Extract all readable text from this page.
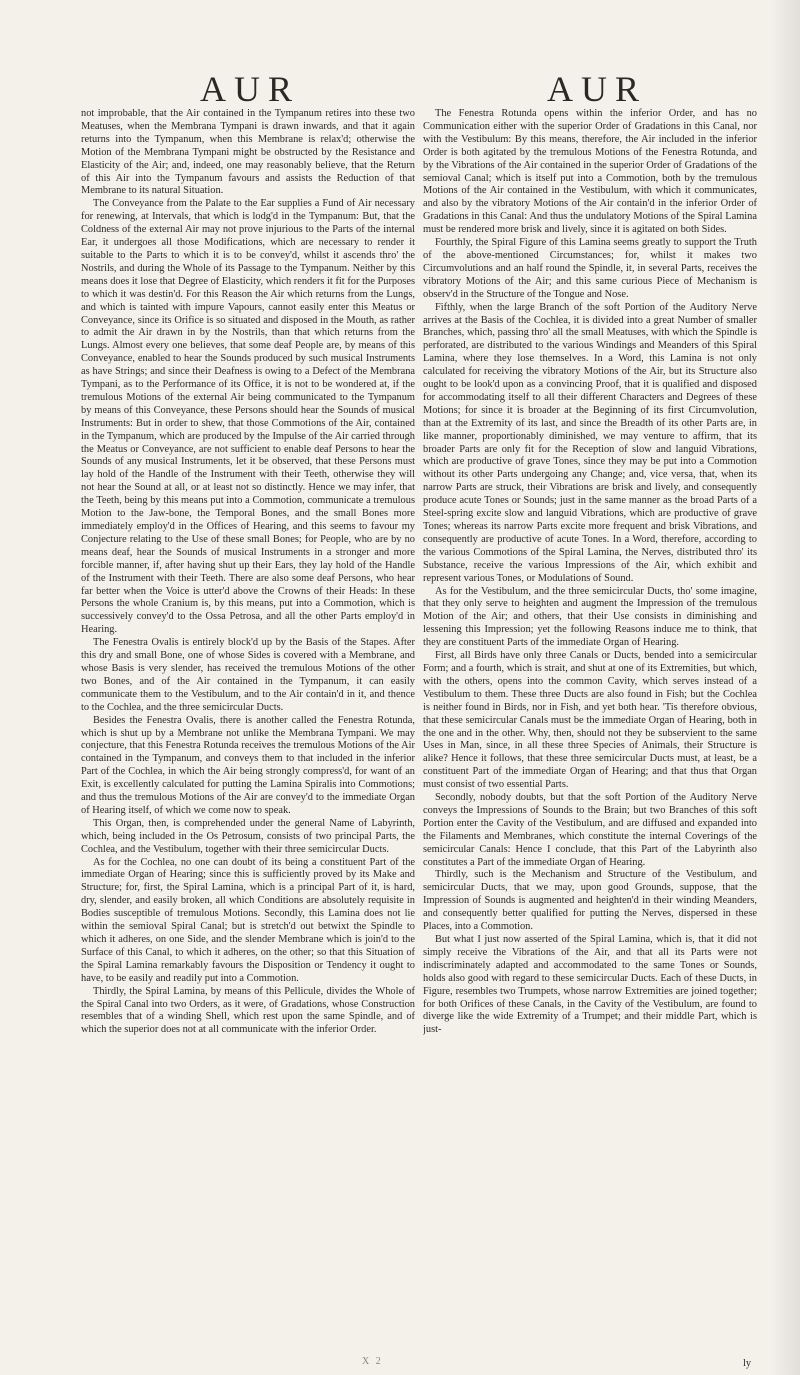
AUR	AUR

not improbable, that the Air contained in the Tympanum retires into these two Meatuses, when the Membrana Tympani is drawn inwards, and that it again returns into the Tympanum, when this Membrane is relax'd; otherwise the Motion of the Membrana Tympani might be obstructed by the Resistance and Elasticity of the Air; and, indeed, one may reasonably believe, that the Return of this Air into the Tympanum favours and assists the Reduction of that Membrane to its natural Situation.

The Conveyance from the Palate to the Ear supplies a Fund of Air necessary for renewing, at Intervals, that which is lodg'd in the Tympanum: But, that the Coldness of the external Air may not prove injurious to the Parts of the internal Ear, it undergoes all those Modifications, which are necessary to render it suitable to the Parts to which it is to be convey'd, whilst it ascends thro' the Nostrils, and during the Whole of its Passage to the Tympanum. Neither by this means does it lose that Degree of Elasticity, which renders it fit for the Purposes to which it was destin'd. For this Reason the Air which returns from the Lungs, and which is tainted with impure Vapours, cannot easily enter this Meatus or Conveyance, since its Orifice is so situated and disposed in the Mouth, as rather to admit the Air drawn in by the Nostrils, than that which returns from the Lungs. Almost every one believes, that some deaf People are, by means of this Conveyance, enabled to hear the Sounds produced by such musical Instruments as have Strings; and since their Deafness is owing to a Defect of the Membrana Tympani, as to the Performance of its Office, it is not to be wondered at, if the tremulous Motions of the external Air being communicated to the Tympanum by means of this Conveyance, these Persons should hear the Sounds of musical Instruments: But in order to shew, that those Commotions of the Air, contained in the Tympanum, which are produced by the Impulse of the Air carried through the Meatus or Conveyance, are not sufficient to enable deaf Persons to hear the Sounds of any musical Instruments, let it be observed, that these Persons must lay hold of the Handle of the Instrument with their Teeth, otherwise they will not hear the Sound at all, or at least not so distinctly. Hence we may infer, that the Teeth, being by this means put into a Commotion, communicate a tremulous Motion to the Jaw-bone, the Temporal Bones, and the small Bones more immediately employ'd in the Offices of Hearing, and this seems to favour my Conjecture relating to the Use of these small Bones; for People, who are by no means deaf, hear the Sounds of musical Instruments in a stronger and more forcible manner, if, after having shut up their Ears, they lay hold of the Handle of the Instrument with their Teeth. There are also some deaf Persons, who hear far better when the Voice is utter'd above the Crowns of their Heads: In these Persons the whole Cranium is, by this means, put into a Commotion, which is successively convey'd to the Ossa Petrosa, and all the other Parts employ'd in Hearing.

The Fenestra Ovalis is entirely block'd up by the Basis of the Stapes. After this dry and small Bone, one of whose Sides is covered with a Membrane, and whose Basis is very slender, has received the tremulous Motions of the other two Bones, and of the Air contained in the Tympanum, it can easily communicate them to the Vestibulum, and to the Air contain'd in it, and thence to the Cochlea, and the three semicircular Ducts.

Besides the Fenestra Ovalis, there is another called the Fenestra Rotunda, which is shut up by a Membrane not unlike the Membrana Tympani. We may conjecture, that this Fenestra Rotunda receives the tremulous Motions of the Air contained in the Tympanum, and conveys them to that included in the inferior Part of the Cochlea, in which the Air being strongly compress'd, for want of an Exit, is excellently calculated for putting the Lamina Spiralis into Commotions; and thus the tremulous Motions of the Air are convey'd to the immediate Organ of Hearing itself, of which we come now to speak.

This Organ, then, is comprehended under the general Name of Labyrinth, which, being included in the Os Petrosum, consists of two principal Parts, the Cochlea, and the Vestibulum, together with their three semicircular Ducts.

As for the Cochlea, no one can doubt of its being a constituent Part of the immediate Organ of Hearing; since this is sufficiently proved by its Make and Structure; for, first, the Spiral Lamina, which is a principal Part of it, is hard, dry, slender, and easily broken, all which Conditions are absolutely requisite in Bodies susceptible of tremulous Motions. Secondly, this Lamina does not lie within the semioval Spiral Canal; but is stretch'd out betwixt the Spindle to which it adheres, on one Side, and the slender Membrane which is join'd to the Surface of this Canal, to which it adheres, on the other; so that this Situation of the Spiral Lamina remarkably favours the Disposition or Tendency it ought to have, to be easily and readily put into a Commotion.

Thirdly, the Spiral Lamina, by means of this Pellicule, divides the Whole of the Spiral Canal into two Orders, as it were, of Gradations, whose Construction resembles that of a winding Shell, which rest upon the same Spindle, and of which the superior does not at all communicate with the inferior Order.

The Fenestra Rotunda opens within the inferior Order, and has no Communication either with the superior Order of Gradations in this Canal, nor with the Vestibulum: By this means, therefore, the Air included in the inferior Order is both agitated by the tremulous Motions of the Fenestra Rotunda, and by the Vibrations of the Air contained in the superior Order of Gradations of the semioval Canal; which is itself put into a Commotion, both by the tremulous Motions of the Air contained in the Vestibulum, with which it communicates, and also by the vibratory Motions of the Air contain'd in the inferior Order of Gradations in this Canal: And thus the undulatory Motions of the Spiral Lamina must be rendered more brisk and lively, since it is agitated on both Sides.

Fourthly, the Spiral Figure of this Lamina seems greatly to support the Truth of the above-mentioned Circumstances; for, whilst it makes two Circumvolutions and an half round the Spindle, it, in several Parts, receives the vibratory Motions of the Air; and this same curious Piece of Mechanism is observ'd in the Structure of the Tongue and Nose.

Fifthly, when the large Branch of the soft Portion of the Auditory Nerve arrives at the Basis of the Cochlea, it is divided into a great Number of smaller Branches, which, passing thro' all the small Meatuses, with which the Spindle is perforated, are distributed to the various Windings and Meanders of this Spiral Lamina, where they lose themselves. In a Word, this Lamina is not only calculated for receiving the vibratory Motions of the Air, but its Structure also ought to be look'd upon as a convincing Proof, that it is qualified and disposed for accommodating itself to all their different Characters and Degrees of these Motions; for since it is broader at the Beginning of its first Circumvolution, than at the Extremity of its last, and since the Breadth of its other Parts are, in like manner, proportionably diminished, we may venture to affirm, that its broader Parts are only fit for the Reception of slow and languid Vibrations, which are productive of grave Tones, since they may be put into a Commotion without its other Parts undergoing any Change; and, vice versa, that, when its narrow Parts are struck, their Vibrations are brisk and lively, and consequently produce acute Tones or Sounds; just in the same manner as the broad Parts of a Steel-spring excite slow and languid Vibrations, which are productive of grave Tones; whereas its narrow Parts excite more frequent and brisk Vibrations, and consequently are productive of acute Tones. In a Word, therefore, according to the various Commotions of the Spiral Lamina, the Nerves, distributed thro' its Substance, receive the various Impressions of the Air, which exhibit and represent various Tones, or Modulations of Sound.

As for the Vestibulum, and the three semicircular Ducts, tho' some imagine, that they only serve to heighten and augment the Impression of the tremulous Motion of the Air; and others, that their Use consists in diminishing and lessening this Impression; yet the following Reasons induce me to think, that they are constituent Parts of the immediate Organ of Hearing.

First, all Birds have only three Canals or Ducts, bended into a semicircular Form; and a fourth, which is strait, and shut at one of its Extremities, but which, with the others, opens into the common Cavity, which serves instead of a Vestibulum to them. These three Ducts are also found in Fish; but the Cochlea is neither found in Birds, nor in Fish, and yet both hear. 'Tis therefore obvious, that these semicircular Canals must be the immediate Organ of Hearing, both in the one and in the other. Why, then, should not they be subservient to the same Uses in Man, since, in all these three Species of Animals, their Structure is alike? Hence it follows, that these three semicircular Ducts must, at least, be a constituent Part of the immediate Organ of Hearing; and that thus that Organ must consist of two essential Parts.

Secondly, nobody doubts, but that the soft Portion of the Auditory Nerve conveys the Impressions of Sounds to the Brain; but two Branches of this soft Portion enter the Cavity of the Vestibulum, and are diffused and expanded into the Filaments and Membranes, which constitute the internal Coverings of the semicircular Canals: Hence I conclude, that this Part of the Labyrinth also constitutes a Part of the immediate Organ of Hearing.

Thirdly, such is the Mechanism and Structure of the Vestibulum, and semicircular Ducts, that we may, upon good Grounds, suppose, that the Impression of Sounds is augmented and heighten'd in their winding Meanders, and consequently better qualified for putting the Nerves, dispersed in these Places, into a Commotion.

But what I just now asserted of the Spiral Lamina, which is, that it did not simply receive the Vibrations of the Air, and that all its Parts were not indiscriminately adapted and accommodated to the same Tones or Sounds, holds also good with regard to these semicircular Ducts. Each of these Ducts, in Figure, resembles two Trumpets, whose narrow Extremities are joined together; for both Orifices of these Canals, in the Cavity of the Vestibulum, are found to diverge like the wide Extremity of a Trumpet; and their middle Part, which is just-

X 2	ly
